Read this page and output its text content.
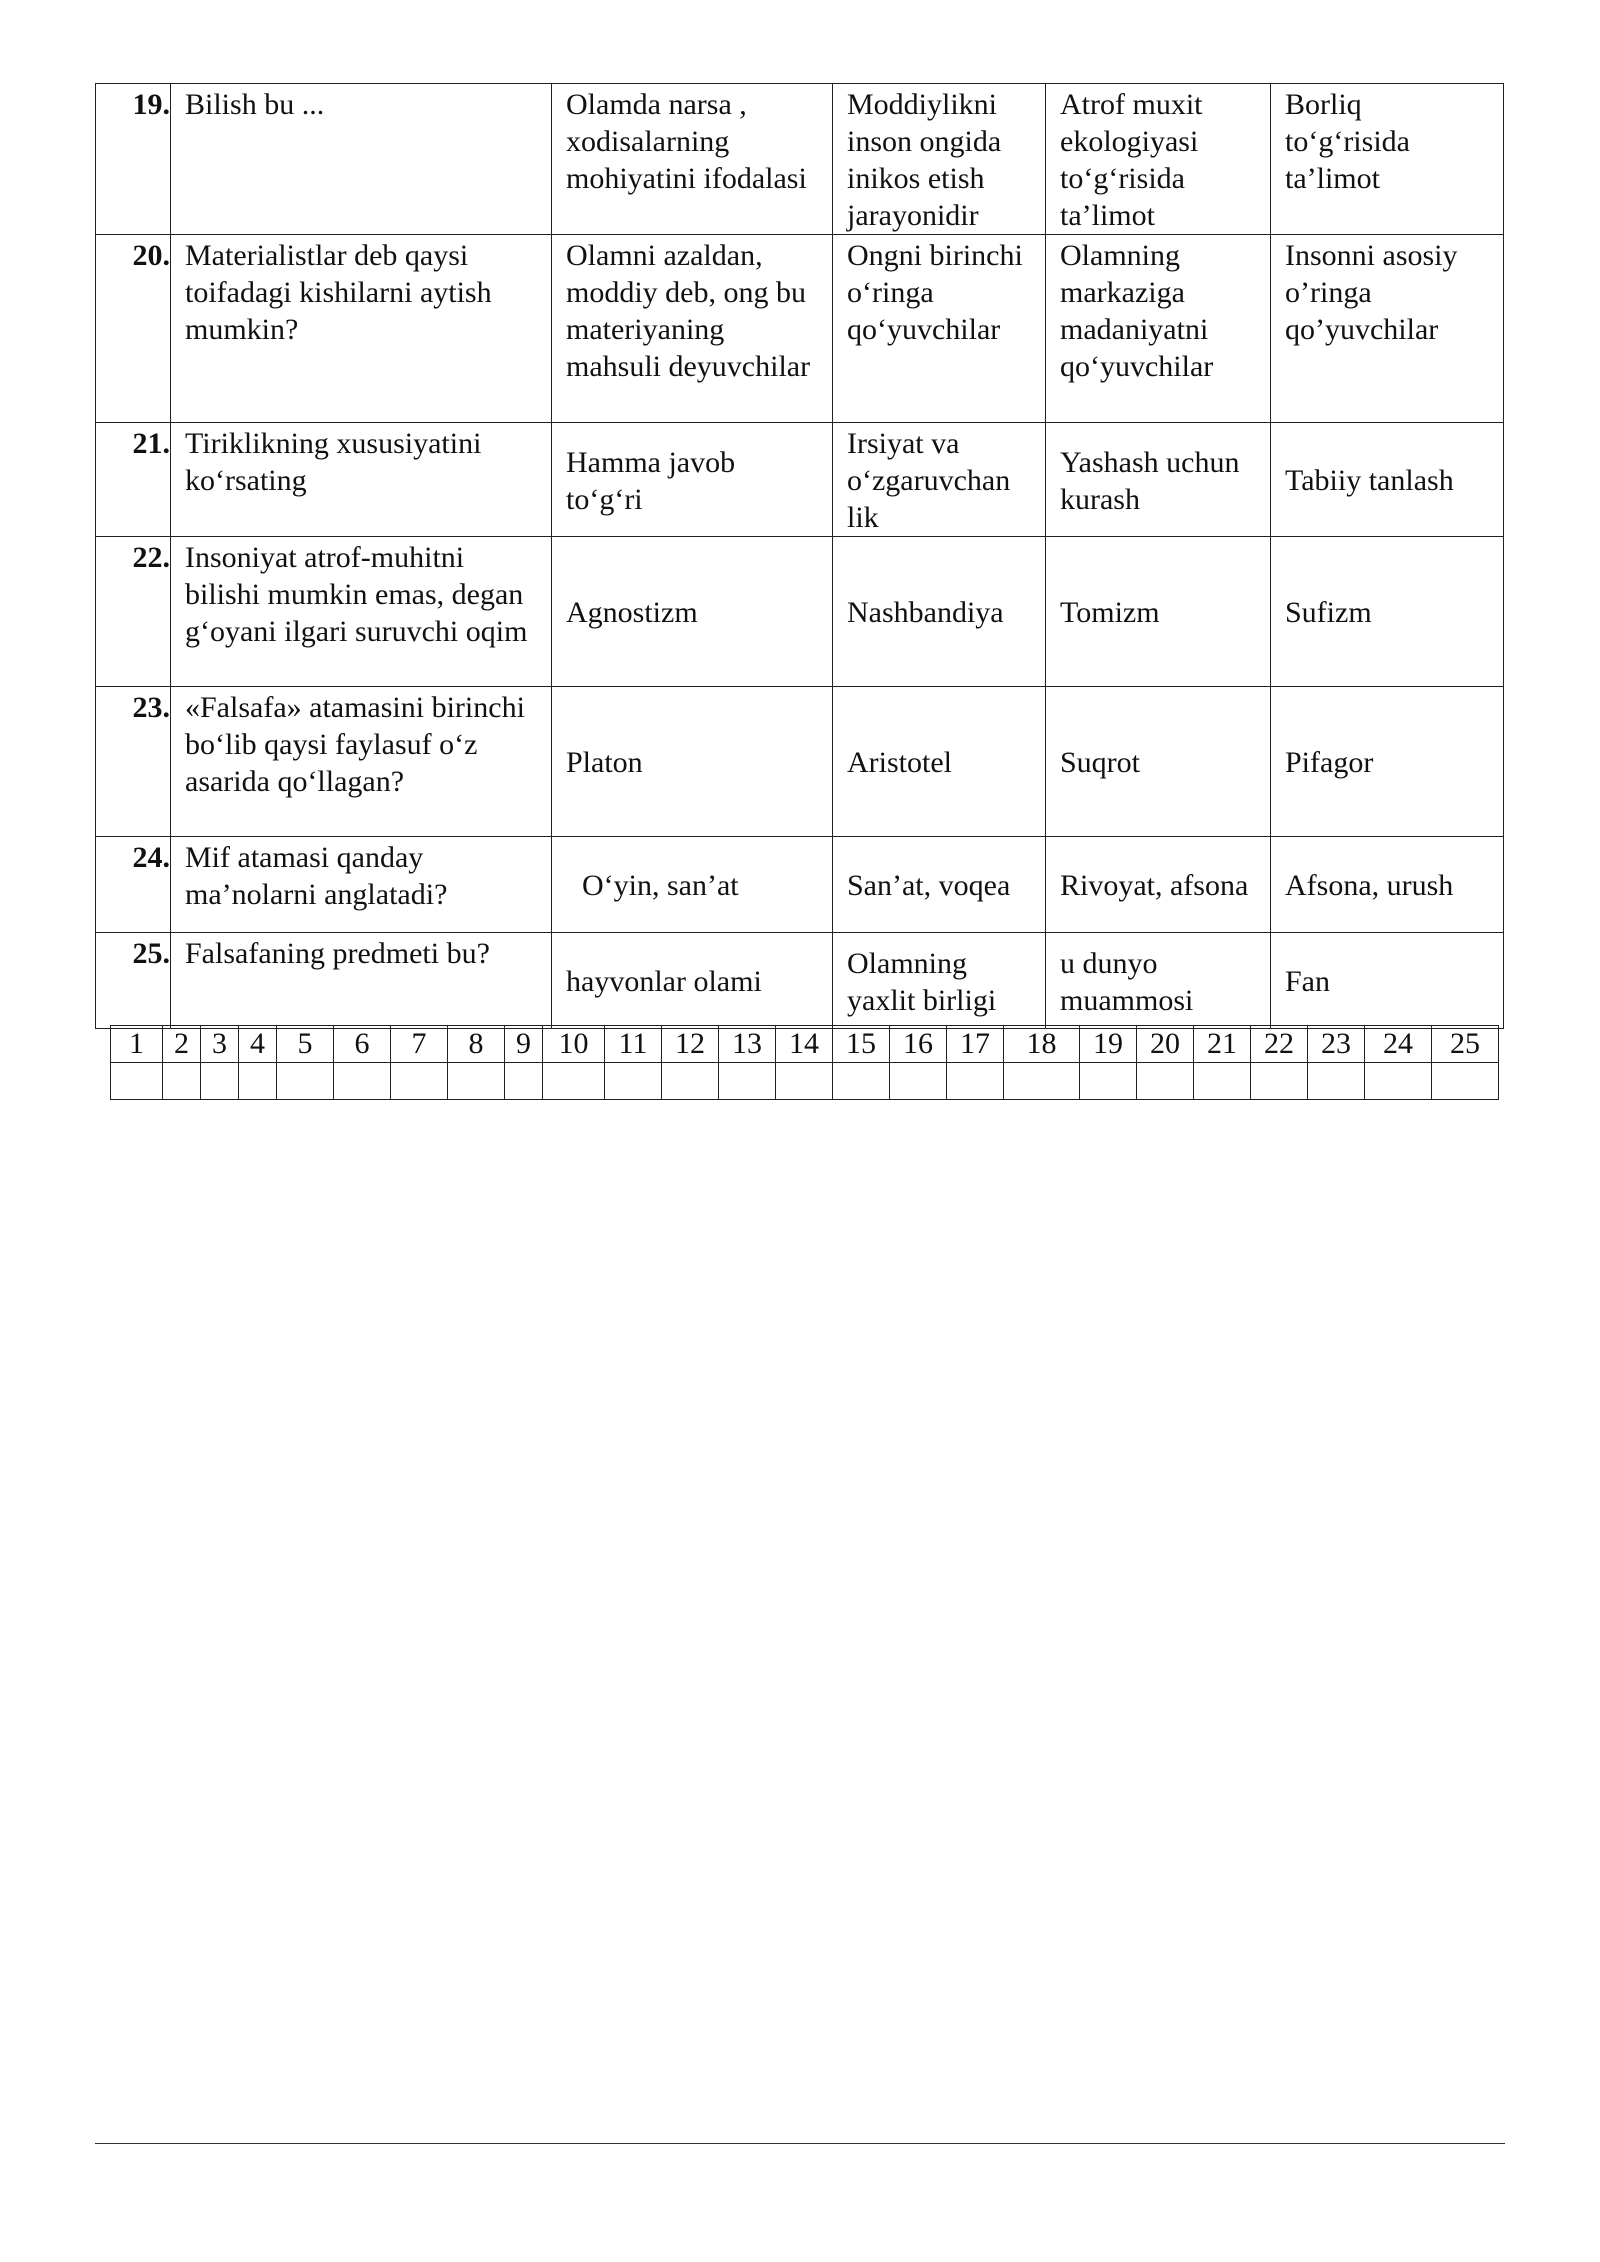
19.	Bilish bu ...	Olamda narsa , xodisalarning mohiyatini ifodalasi	Moddiylikni inson ongida inikos etish jarayonidir	Atrof muxit ekologiyasi to‘g‘risida ta’limot	Borliq to‘g‘risida ta’limot
20.	Materialistlar deb qaysi toifadagi kishilarni aytish mumkin?	Olamni azaldan, moddiy deb, ong bu materiyaning mahsuli deyuvchilar	Ongni birinchi o‘ringa qo‘yuvchilar	Olamning markaziga madaniyatni qo‘yuvchilar	Insonni asosiy o’ringa qo’yuvchilar
21.	Tiriklikning xususiyatini ko‘rsating	Hamma javob to‘g‘ri	Irsiyat va o‘zgaruvchan lik	Yashash uchun kurash	Tabiiy tanlash
22.	Insoniyat atrof-muhitni bilishi mumkin emas, degan g‘oyani ilgari suruvchi oqim	Agnostizm	Nashbandiya	Tomizm	Sufizm
23.	«Falsafa» atamasini birinchi bo‘lib qaysi faylasuf o‘z asarida qo‘llagan?	Platon	Aristotel	Suqrot	Pifagor
24.	Mif atamasi qanday ma’nolarni anglatadi?	O‘yin, san’at	San’at, voqea	Rivoyat, afsona	Afsona, urush
25.	Falsafaning predmeti bu?	hayvonlar olami	Olamning yaxlit birligi	u dunyo muammosi	Fan
1	2	3	4	5	6	7	8	9	10	11	12	13	14	15	16	17	18	19	20	21	22	23	24	25
